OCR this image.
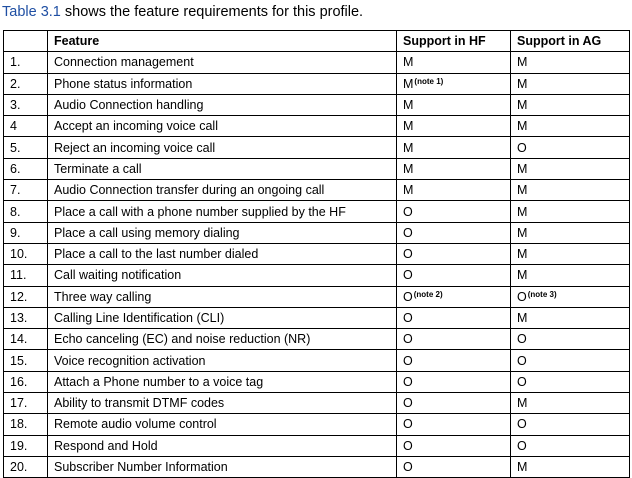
Table 3.1 shows the feature requirements for this profile.
	Feature	Support in HF	Support in AG
1.	Connection management	M	M
2.	Phone status information	M$^{(note 1)}$	M
3.	Audio Connection handling	M	M
4	Accept an incoming voice call	M	M
5.	Reject an incoming voice call	M	O
6.	Terminate a call	M	M
7.	Audio Connection transfer during an ongoing call	M	M
8.	Place a call with a phone number supplied by the HF	O	M
9.	Place a call using memory dialing	O	M
10.	Place a call to the last number dialed	O	M
11.	Call waiting notification	O	M
12.	Three way calling	O$^{(note 2)}$	O$^{(note 3)}$
13.	Calling Line Identification (CLI)	O	M
14.	Echo canceling (EC) and noise reduction (NR)	O	O
15.	Voice recognition activation	O	O
16.	Attach a Phone number to a voice tag	O	O
17.	Ability to transmit DTMF codes	O	M
18.	Remote audio volume control	O	O
19.	Respond and Hold	O	O
20.	Subscriber Number Information	O	M
